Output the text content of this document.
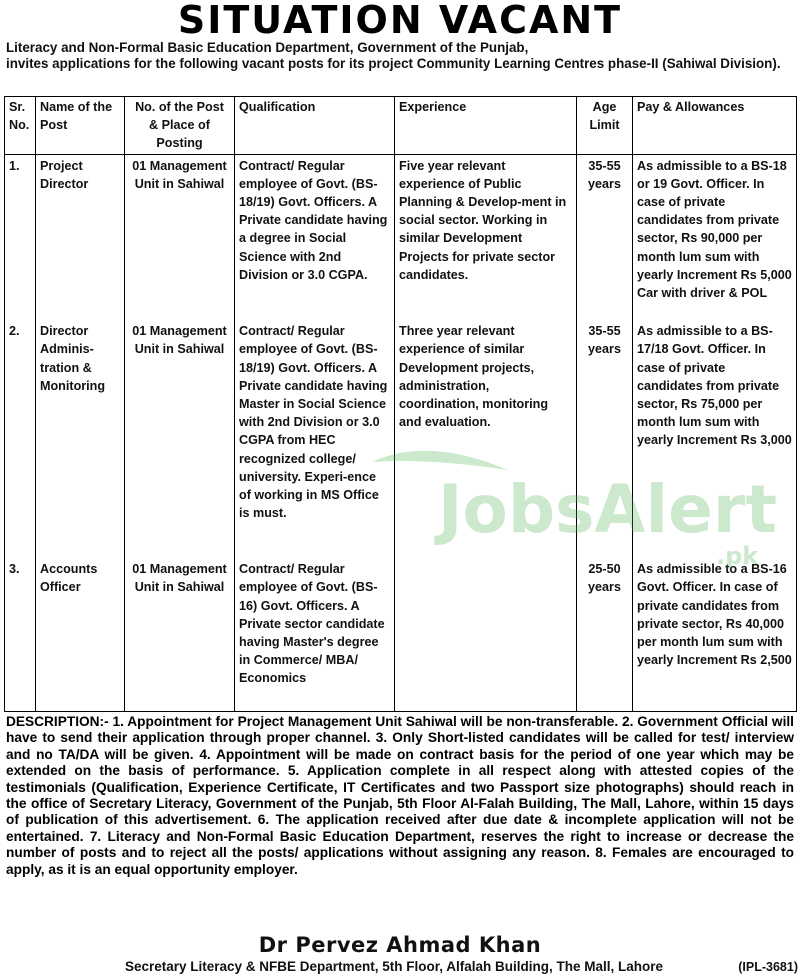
SITUATION VACANT
Literacy and Non-Formal Basic Education Department, Government of the Punjab,
invites applications for the following vacant posts for its project Community Learning Centres phase-II (Sahiwal Division).
Sr. No.	Name of the Post	No. of the Post & Place of Posting	Qualification	Experience	Age Limit	Pay & Allowances
1.	Project Director	01 Management Unit in Sahiwal	Contract/ Regular employee of Govt. (BS-18/19) Govt. Officers. A Private candidate having a degree in Social Science with 2nd Division or 3.0 CGPA.	Five year relevant experience of Public Planning & Develop-ment in social sector. Working in similar Development Projects for private sector candidates.	35-55 years	As admissible to a BS-18 or 19 Govt. Officer. In case of private candidates from private sector, Rs 90,000 per month lum sum with yearly Increment Rs 5,000 Car with driver & POL
2.	Director Adminis-tration & Monitoring	01 Management Unit in Sahiwal	Contract/ Regular employee of Govt. (BS-18/19) Govt. Officers. A Private candidate having Master in Social Science with 2nd Division or 3.0 CGPA from HEC recognized college/ university. Experi-ence of working in MS Office is must.	Three year relevant experience of similar Development projects, administration, coordination, monitoring and evaluation.	35-55 years	As admissible to a BS-17/18 Govt. Officer. In case of private candidates from private sector, Rs 75,000 per month lum sum with yearly Increment Rs 3,000
3.	Accounts Officer	01 Management Unit in Sahiwal	Contract/ Regular employee of Govt. (BS-16) Govt. Officers. A Private sector candidate having Master's degree in Commerce/ MBA/ Economics		25-50 years	As admissible to a BS-16 Govt. Officer. In case of private candidates from private sector, Rs 40,000 per month lum sum with yearly Increment Rs 2,500
JobsAlert
.pk
DESCRIPTION:- 1. Appointment for Project Management Unit Sahiwal will be non-transferable. 2. Government Official will have to send their application through proper channel. 3. Only Short-listed candidates will be called for test/ interview and no TA/DA will be given. 4. Appointment will be made on contract basis for the period of one year which may be extended on the basis of performance. 5. Application complete in all respect along with attested copies of the testimonials (Qualification, Experience Certificate, IT Certificates and two Passport size photographs) should reach in the office of Secretary Literacy, Government of the Punjab, 5th Floor Al-Falah Building, The Mall, Lahore, within 15 days of publication of this advertisement. 6. The application received after due date & incomplete application will not be entertained. 7. Literacy and Non-Formal Basic Education Department, reserves the right to increase or decrease the number of posts and to reject all the posts/ applications without assigning any reason. 8. Females are encouraged to apply, as it is an equal opportunity employer.
Dr Pervez Ahmad Khan
Secretary Literacy & NFBE Department, 5th Floor, Alfalah Building, The Mall, Lahore	(IPL-3681)
